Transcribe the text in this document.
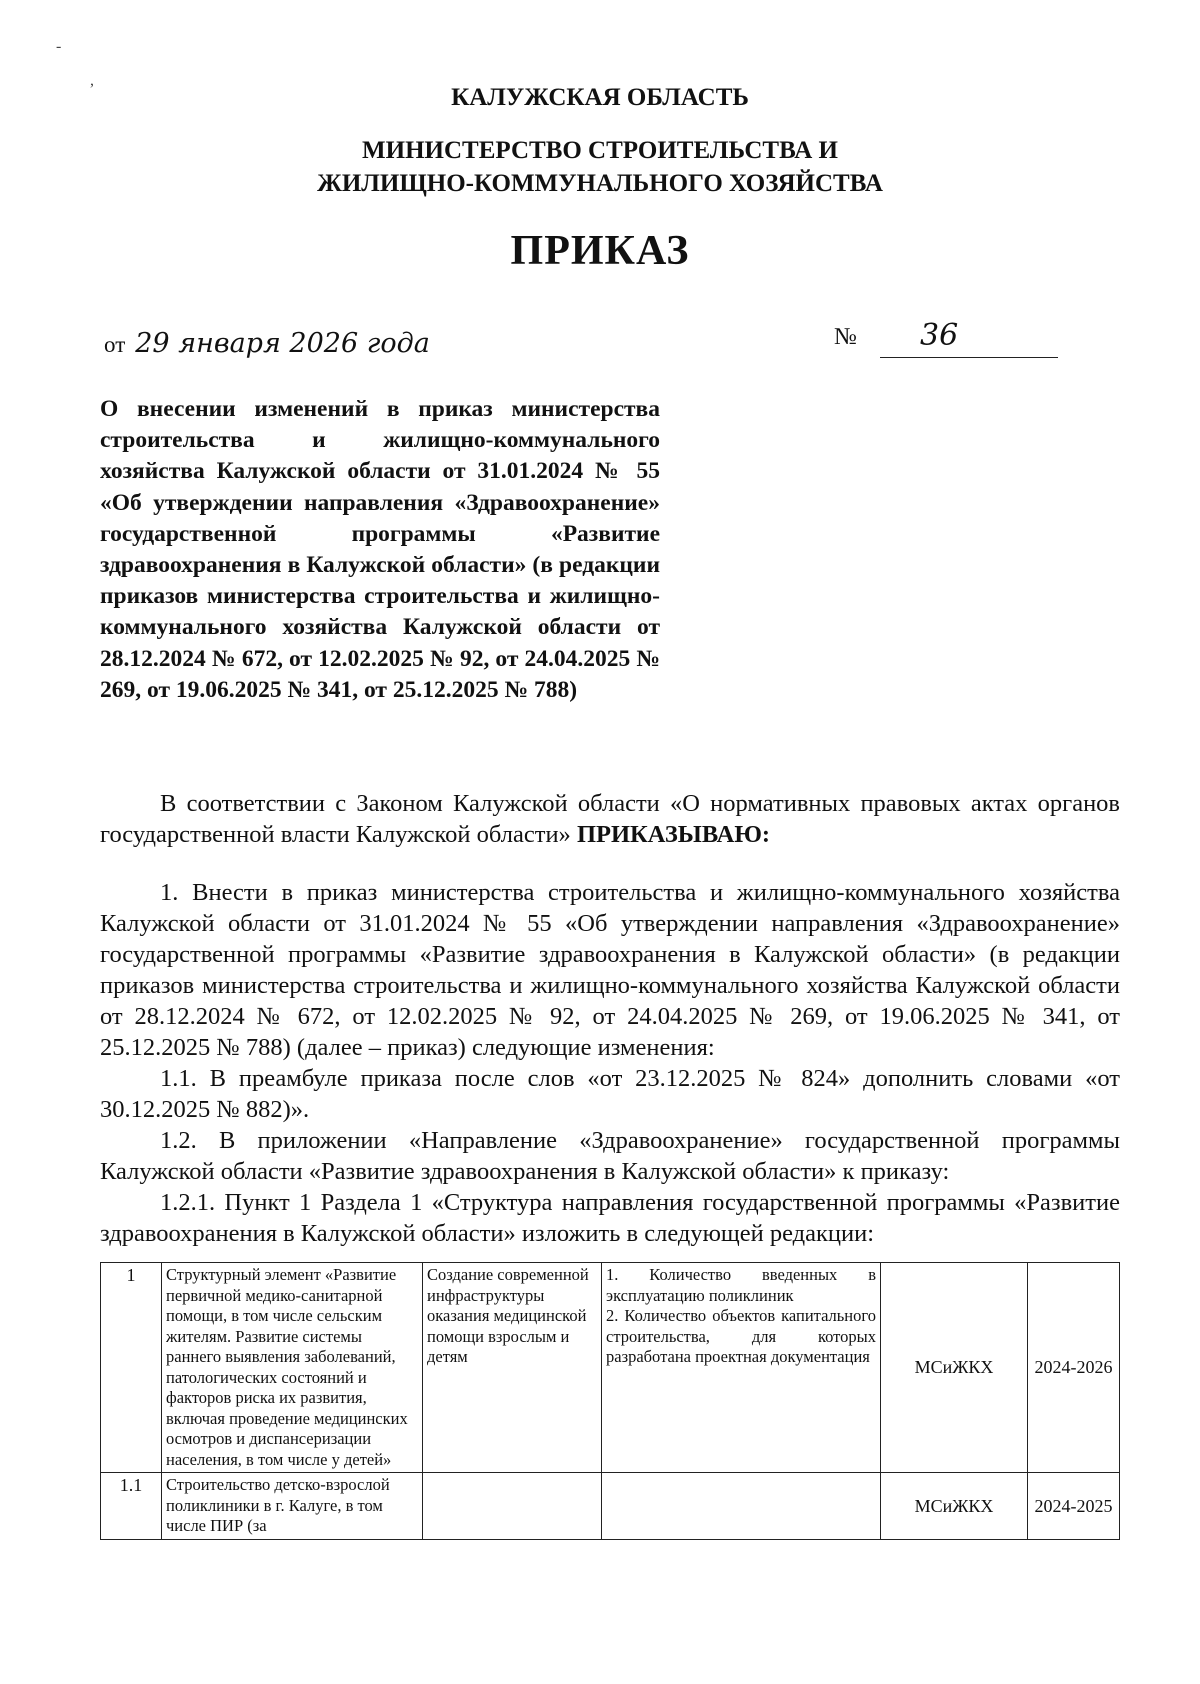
-
,
КАЛУЖСКАЯ ОБЛАСТЬ
МИНИСТЕРСТВО СТРОИТЕЛЬСТВА И
ЖИЛИЩНО-КОММУНАЛЬНОГО ХОЗЯЙСТВА
ПРИКАЗ
от 29 января 2026 года	№ 36
О внесении изменений в приказ министерства строительства и жилищно-коммунального хозяйства Калужской области от 31.01.2024 № 55 «Об утверждении направления «Здравоохранение» государственной программы «Развитие здравоохранения в Калужской области» (в редакции приказов министерства строительства и жилищно-коммунального хозяйства Калужской области от 28.12.2024 № 672, от 12.02.2025 № 92, от 24.04.2025 № 269, от 19.06.2025 № 341, от 25.12.2025 № 788)
В соответствии с Законом Калужской области «О нормативных правовых актах органов государственной власти Калужской области» ПРИКАЗЫВАЮ:

1. Внести в приказ министерства строительства и жилищно-коммунального хозяйства Калужской области от 31.01.2024 № 55 «Об утверждении направления «Здравоохранение» государственной программы «Развитие здравоохранения в Калужской области» (в редакции приказов министерства строительства и жилищно-коммунального хозяйства Калужской области от 28.12.2024 № 672, от 12.02.2025 № 92, от 24.04.2025 № 269, от 19.06.2025 № 341, от 25.12.2025 № 788) (далее – приказ) следующие изменения:

1.1. В преамбуле приказа после слов «от 23.12.2025 № 824» дополнить словами «от 30.12.2025 № 882)».

1.2. В приложении «Направление «Здравоохранение» государственной программы Калужской области «Развитие здравоохранения в Калужской области» к приказу:

1.2.1. Пункт 1 Раздела 1 «Структура направления государственной программы «Развитие здравоохранения в Калужской области» изложить в следующей редакции:

1	Структурный элемент «Развитие первичной медико-санитарной помощи, в том числе сельским жителям. Развитие системы раннего выявления заболеваний, патологических состояний и факторов риска их развития, включая проведение медицинских осмотров и диспансеризации населения, в том числе у детей»	Создание современной инфраструктуры оказания медицинской помощи взрослым и детям	1. Количество введенных в эксплуатацию поликлиник
2. Количество объектов капитального строительства, для которых разработана проектная документация	МСиЖКХ	2024-2026
1.1	Строительство детско-взрослой поликлиники в г. Калуге, в том числе ПИР (за			МСиЖКХ	2024-2025
